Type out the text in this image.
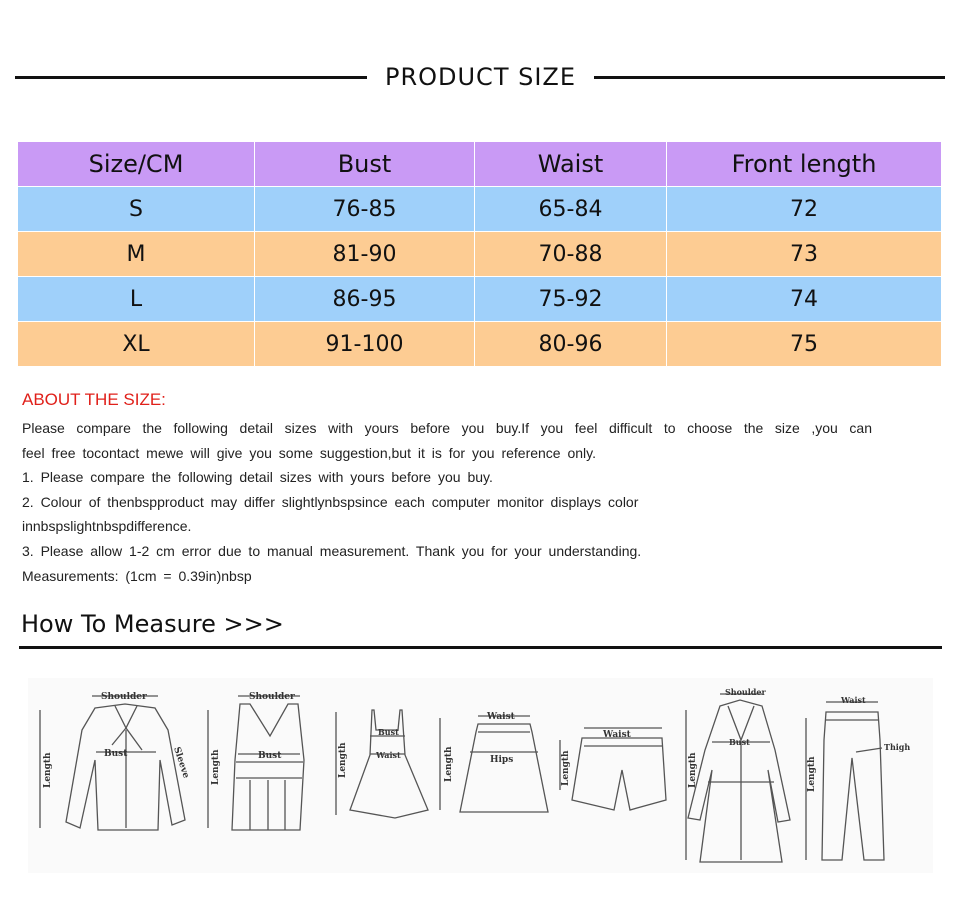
PRODUCT SIZE
Size/CM	Bust	Waist	Front length
S	76-85	65-84	72
M	81-90	70-88	73
L	86-95	75-92	74
XL	91-100	80-96	75
ABOUT THE SIZE:

Please compare the following detail sizes with yours before you buy.If you feel difficult to choose the size ,you can

feel free tocontact mewe will give you some suggestion,but it is for you reference only.

1. Please compare the following detail sizes with yours before you buy.

2. Colour of thenbspproduct may differ slightlynbspsince each computer monitor displays color

innbspslightnbspdifference.

3. Please allow 1-2 cm error due to manual measurement. Thank you for your understanding.

Measurements: (1cm = 0.39in)nbsp

How To Measure >>>
Shoulder
Bust
Length	Sleeve
Shoulder
Bust
Length
Bust
Waist
Length
Waist
Hips
Length
Waist
Length
Shoulder
Bust
Length
Waist
Thigh
Length
